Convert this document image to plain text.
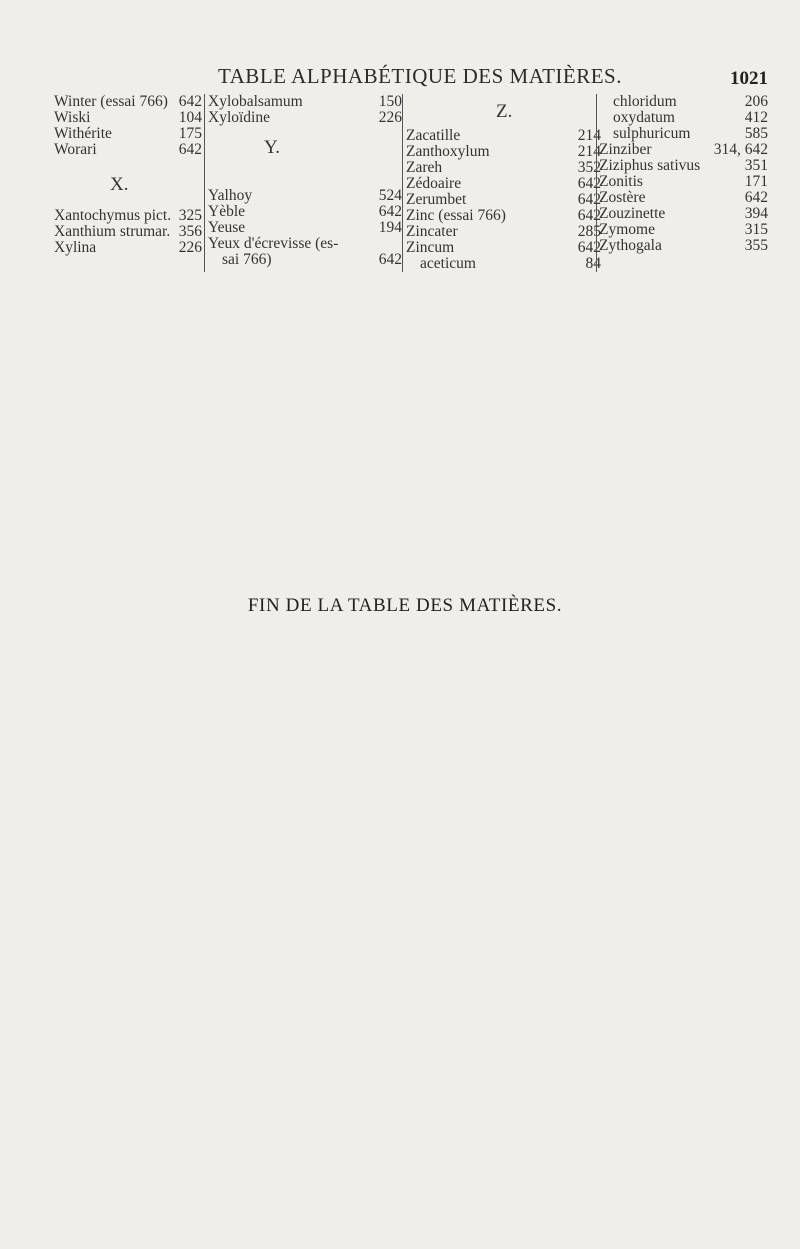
TABLE ALPHABÉTIQUE DES MATIÈRES.	1021
Winter (essai 766) 642
Wiski	104
Withérite	175
Worari	642
X.
Xantochymus pict. 325
Xanthium strumar. 356
Xylina	226
Xylobalsamum	150
Xyloïdine	226
Y.
Yalhoy	524
Yèble	642
Yeuse	194
Yeux d'écrevisse (es-
sai 766)	642
Z.
Zacatille	214
Zanthoxylum	214
Zareh	352
Zédoaire	642
Zerumbet	642
Zinc (essai 766)	642
Zincater	285
Zincum	642
aceticum	84
chloridum	206
oxydatum	412
sulphuricum	585
Zinziber	314, 642
Ziziphus sativus	351
Zonitis	171
Zostère	642
Zouzinette	394
Zymome	315
Zythogala	355
FIN DE LA TABLE DES MATIÈRES.
